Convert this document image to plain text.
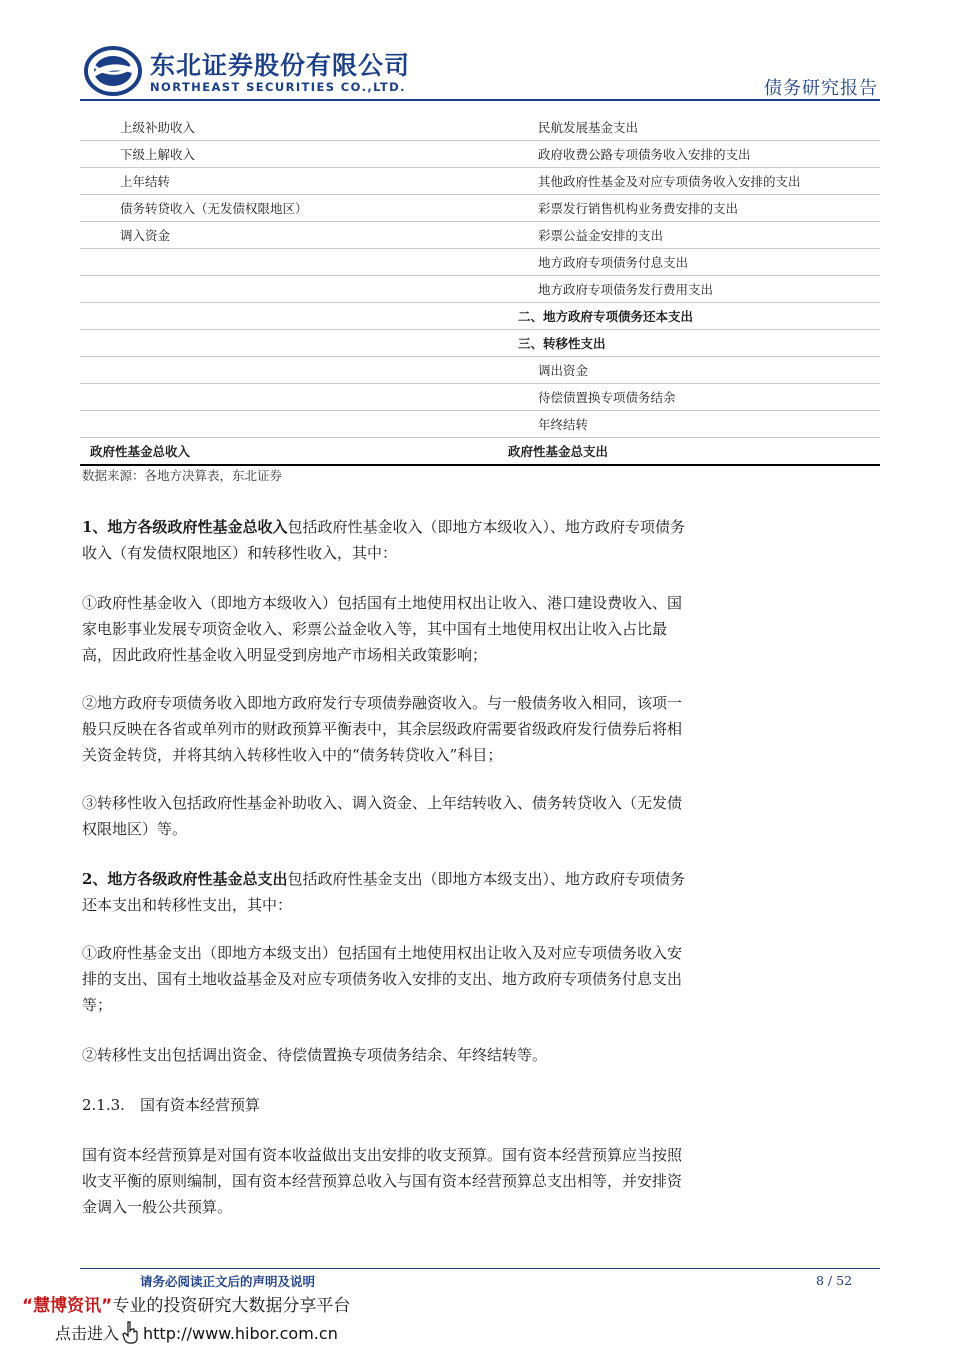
东北证券股份有限公司
NORTHEAST SECURITIES CO.,LTD.	债务研究报告
上级补助收入	民航发展基金支出
下级上解收入	政府收费公路专项债务收入安排的支出
上年结转	其他政府性基金及对应专项债务收入安排的支出
债务转贷收入（无发债权限地区）	彩票发行销售机构业务费安排的支出
调入资金	彩票公益金安排的支出
	地方政府专项债务付息支出
	地方政府专项债务发行费用支出
	二、地方政府专项债务还本支出
	三、转移性支出
	调出资金
	待偿债置换专项债务结余
	年终结转
政府性基金总收入	政府性基金总支出
数据来源：各地方决算表，东北证券
1、地方各级政府性基金总收入包括政府性基金收入（即地方本级收入）、地方政府专项债务收入（有发债权限地区）和转移性收入，其中：
①政府性基金收入（即地方本级收入）包括国有土地使用权出让收入、港口建设费收入、国家电影事业发展专项资金收入、彩票公益金收入等，其中国有土地使用权出让收入占比最高，因此政府性基金收入明显受到房地产市场相关政策影响；
②地方政府专项债务收入即地方政府发行专项债券融资收入。与一般债务收入相同，该项一般只反映在各省或单列市的财政预算平衡表中，其余层级政府需要省级政府发行债券后将相关资金转贷，并将其纳入转移性收入中的“债务转贷收入”科目；
③转移性收入包括政府性基金补助收入、调入资金、上年结转收入、债务转贷收入（无发债权限地区）等。
2、地方各级政府性基金总支出包括政府性基金支出（即地方本级支出）、地方政府专项债务还本支出和转移性支出，其中：
①政府性基金支出（即地方本级支出）包括国有土地使用权出让收入及对应专项债务收入安排的支出、国有土地收益基金及对应专项债务收入安排的支出、地方政府专项债务付息支出等；
②转移性支出包括调出资金、待偿债置换专项债务结余、年终结转等。
2.1.3. 国有资本经营预算
国有资本经营预算是对国有资本收益做出支出安排的收支预算。国有资本经营预算应当按照收支平衡的原则编制，国有资本经营预算总收入与国有资本经营预算总支出相等，并安排资金调入一般公共预算。
请务必阅读正文后的声明及说明	8 / 52
“慧博资讯”专业的投资研究大数据分享平台
点击进入 http://www.hibor.com.cn
